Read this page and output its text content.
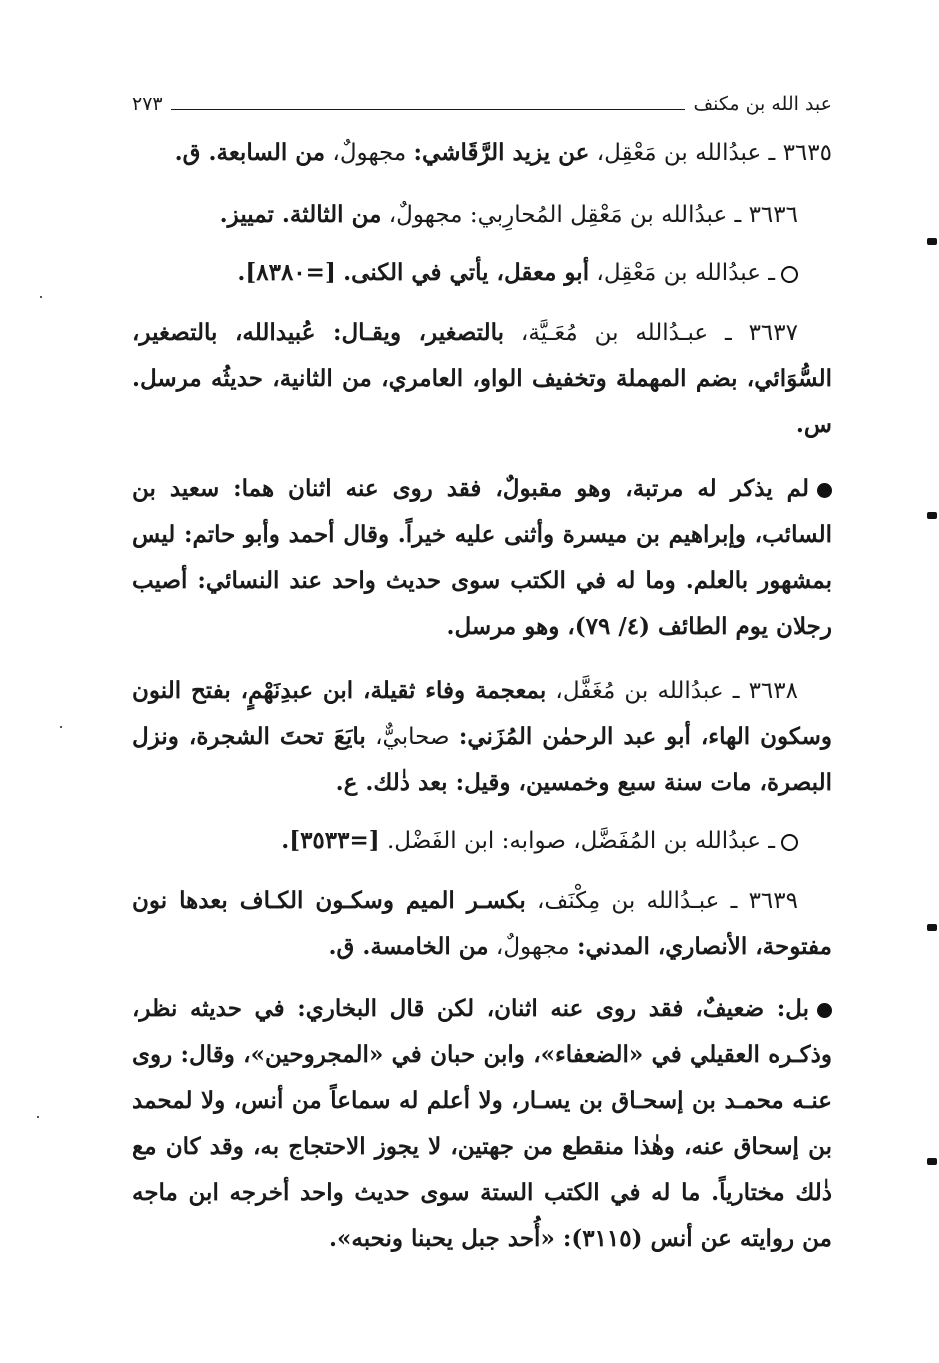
عبد الله بن مكنف
٢٧٣

٣٦٣٥ ـ عبدُالله بن مَعْقِل، عن يزيد الرَّقَاشي: مجهولٌ، من السابعة. ق.

٣٦٣٦ ـ عبدُالله بن مَعْقِل المُحارِبي: مجهولٌ، من الثالثة. تمييز.

ـ عبدُالله بن مَعْقِل، أبو معقل، يأتي في الكنى. [=٨٣٨٠].

٣٦٣٧ ـ عبـدُالله بن مُعَـيَّة، بالتصغير، ويقـال: عُبيدالله، بالتصغير، السُّوَائي، بضم المهملة وتخفيف الواو، العامري، من الثانية، حديثُه مرسل. س.

لم يذكر له مرتبة، وهو مقبولٌ، فقد روى عنه اثنان هما: سعيد بن السائب، وإبراهيم بن ميسرة وأثنى عليه خيراً. وقال أحمد وأبو حاتم: ليس بمشهور بالعلم. وما له في الكتب سوى حديث واحد عند النسائي: أصيب رجلان يوم الطائف (٤/ ٧٩)، وهو مرسل.

٣٦٣٨ ـ عبدُالله بن مُغَفَّل، بمعجمة وفاء ثقيلة، ابن عبدِنَهْمٍ، بفتح النون وسكون الهاء، أبو عبد الرحمٰن المُزَني: صحابيٌّ، بايَعَ تحتَ الشجرة، ونزل البصرة، مات سنة سبع وخمسين، وقيل: بعد ذٰلك. ع.

ـ عبدُالله بن المُفَضَّل، صوابه: ابن الفَضْل. [=٣٥٣٣].

٣٦٣٩ ـ عبـدُالله بن مِكْنَف، بكسـر الميم وسكـون الكـاف بعدها نون مفتوحة، الأنصاري، المدني: مجهولٌ، من الخامسة. ق.

بل: ضعيفٌ، فقد روى عنه اثنان، لكن قال البخاري: في حديثه نظر، وذكـره العقيلي في «الضعفاء»، وابن حبان في «المجروحين»، وقال: روى عنـه محمـد بن إسحـاق بن يسـار، ولا أعلم له سماعاً من أنس، ولا لمحمد بن إسحاق عنه، وهٰذا منقطع من جهتين، لا يجوز الاحتجاج به، وقد كان مع ذٰلك مختارياً. ما له في الكتب الستة سوى حديث واحد أخرجه ابن ماجه من روايته عن أنس (٣١١٥): «أُحد جبل يحبنا ونحبه».
